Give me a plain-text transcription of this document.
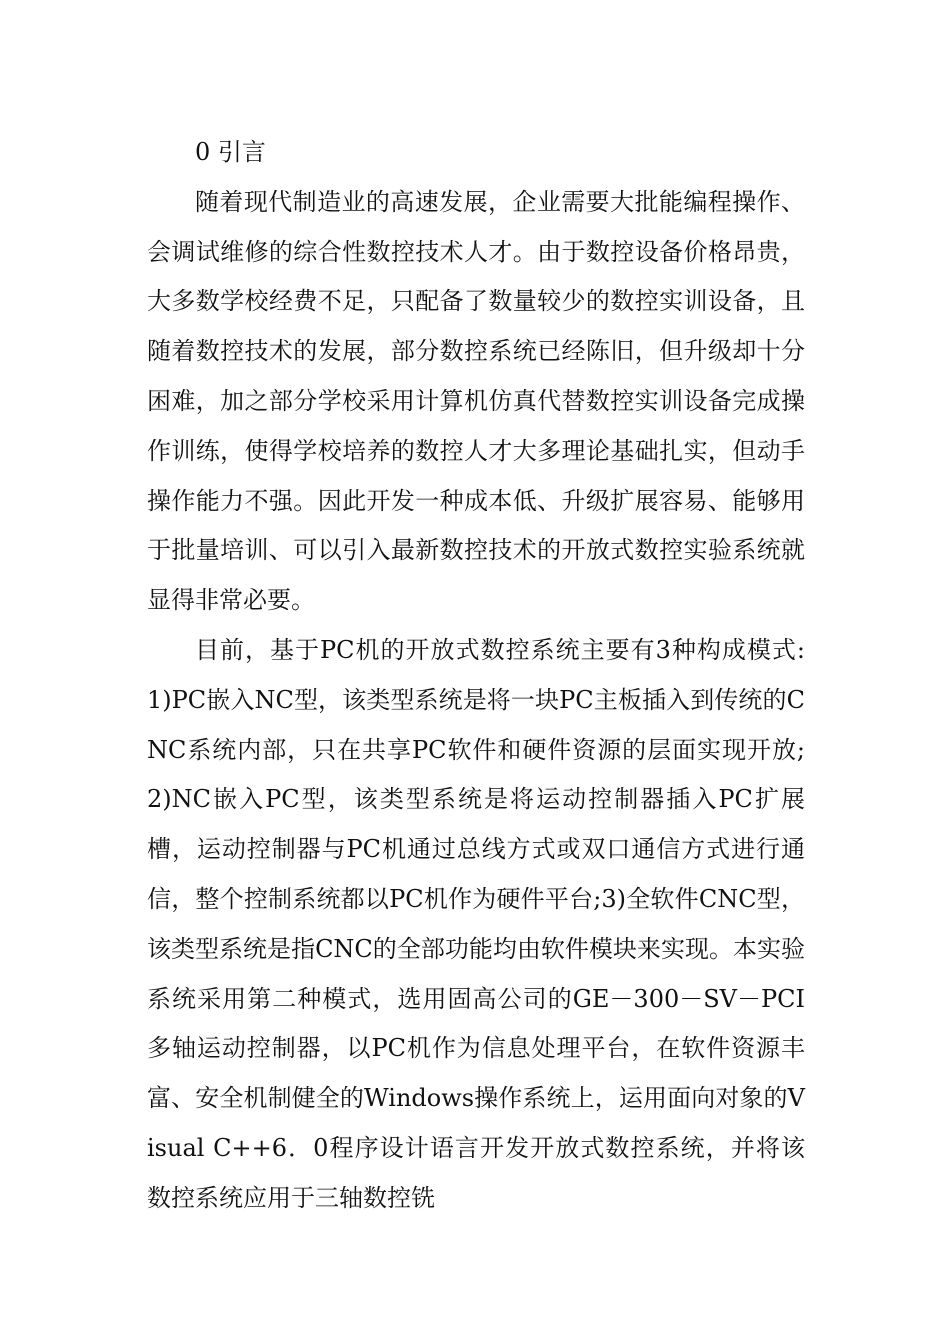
0 引言

随着现代制造业的高速发展，企业需要大批能编程操作、会调试维修的综合性数控技术人才。由于数控设备价格昂贵，大多数学校经费不足，只配备了数量较少的数控实训设备，且随着数控技术的发展，部分数控系统已经陈旧，但升级却十分困难，加之部分学校采用计算机仿真代替数控实训设备完成操作训练，使得学校培养的数控人才大多理论基础扎实，但动手操作能力不强。因此开发一种成本低、升级扩展容易、能够用于批量培训、可以引入最新数控技术的开放式数控实验系统就显得非常必要。

目前，基于PC机的开放式数控系统主要有3种构成模式:1)PC嵌入NC型，该类型系统是将一块PC主板插入到传统的CNC系统内部，只在共享PC软件和硬件资源的层面实现开放;2)NC嵌入PC型，该类型系统是将运动控制器插入PC扩展槽，运动控制器与PC机通过总线方式或双口通信方式进行通信，整个控制系统都以PC机作为硬件平台;3)全软件CNC型，该类型系统是指CNC的全部功能均由软件模块来实现。本实验系统采用第二种模式，选用固高公司的GE－300－SV－PCI多轴运动控制器，以PC机作为信息处理平台，在软件资源丰富、安全机制健全的Windows操作系统上，运用面向对象的Visual C++6．0程序设计语言开发开放式数控系统，并将该数控系统应用于三轴数控铣
